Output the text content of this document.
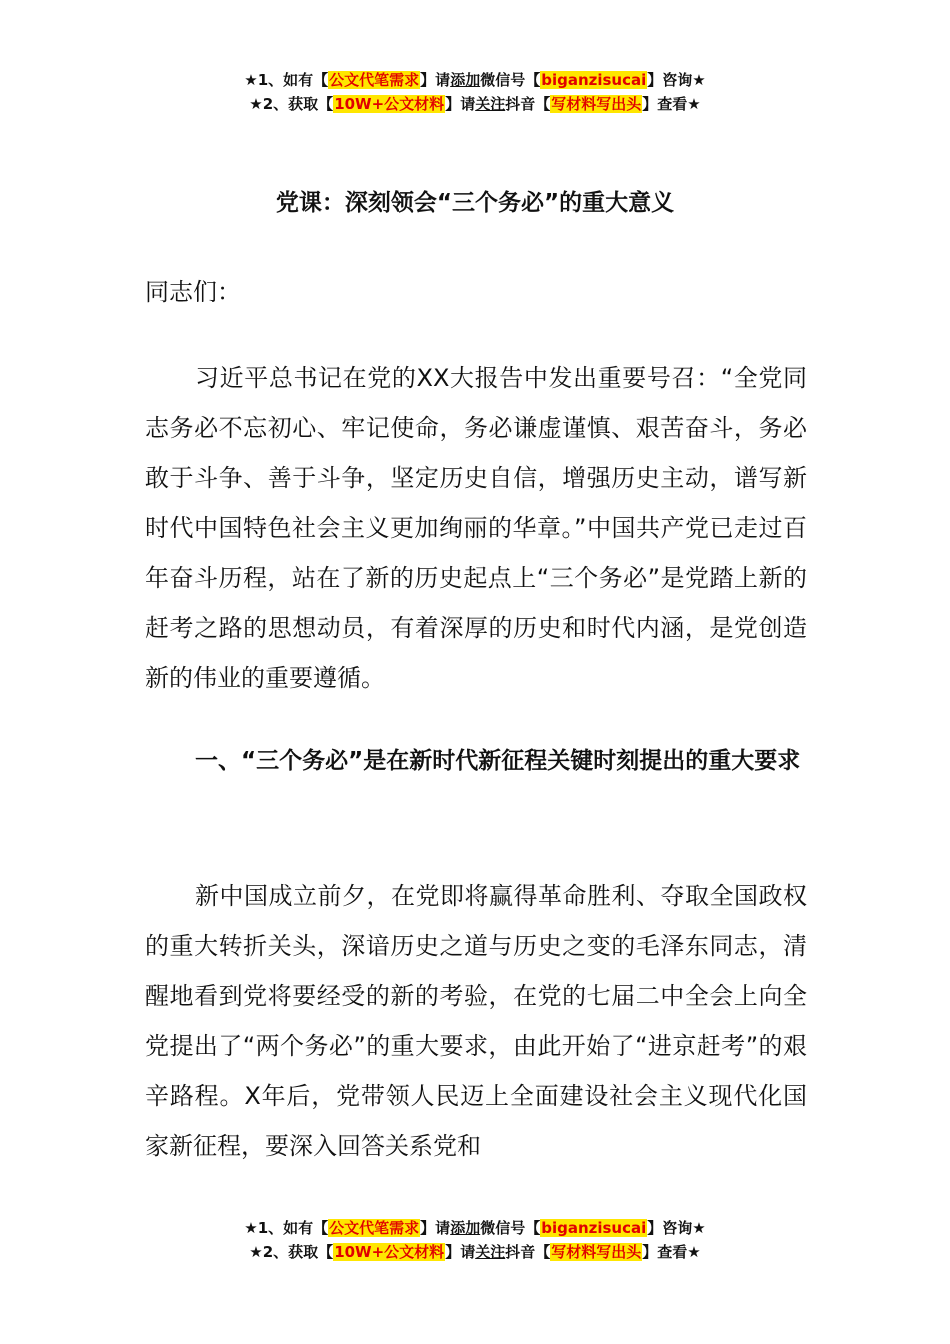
★1、如有【公文代笔需求】请添加微信号【biganzisucai】咨询★
★2、获取【10W+公文材料】请关注抖音【写材料写出头】查看★
党课：深刻领会“三个务必”的重大意义
同志们：
习近平总书记在党的XX大报告中发出重要号召：“全党同志务必不忘初心、牢记使命，务必谦虚谨慎、艰苦奋斗，务必敢于斗争、善于斗争，坚定历史自信，增强历史主动，谱写新时代中国特色社会主义更加绚丽的华章。”中国共产党已走过百年奋斗历程，站在了新的历史起点上“三个务必”是党踏上新的赶考之路的思想动员，有着深厚的历史和时代内涵，是党创造新的伟业的重要遵循。
一、“三个务必”是在新时代新征程关键时刻提出的重大要求
新中国成立前夕，在党即将赢得革命胜利、夺取全国政权的重大转折关头，深谙历史之道与历史之变的毛泽东同志，清醒地看到党将要经受的新的考验，在党的七届二中全会上向全党提出了“两个务必”的重大要求，由此开始了“进京赶考”的艰辛路程。X年后，党带领人民迈上全面建设社会主义现代化国家新征程，要深入回答关系党和
★1、如有【公文代笔需求】请添加微信号【biganzisucai】咨询★
★2、获取【10W+公文材料】请关注抖音【写材料写出头】查看★
